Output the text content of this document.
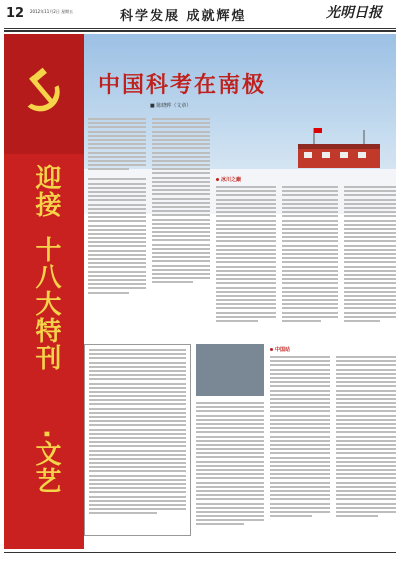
12 2012年11月2日 星期五	科学发展 成就辉煌	光明日报
迎接
十八大特刊
·文艺
中国科考在南极
■ 陈晓晔（文章）
冰川之巅
中国站
